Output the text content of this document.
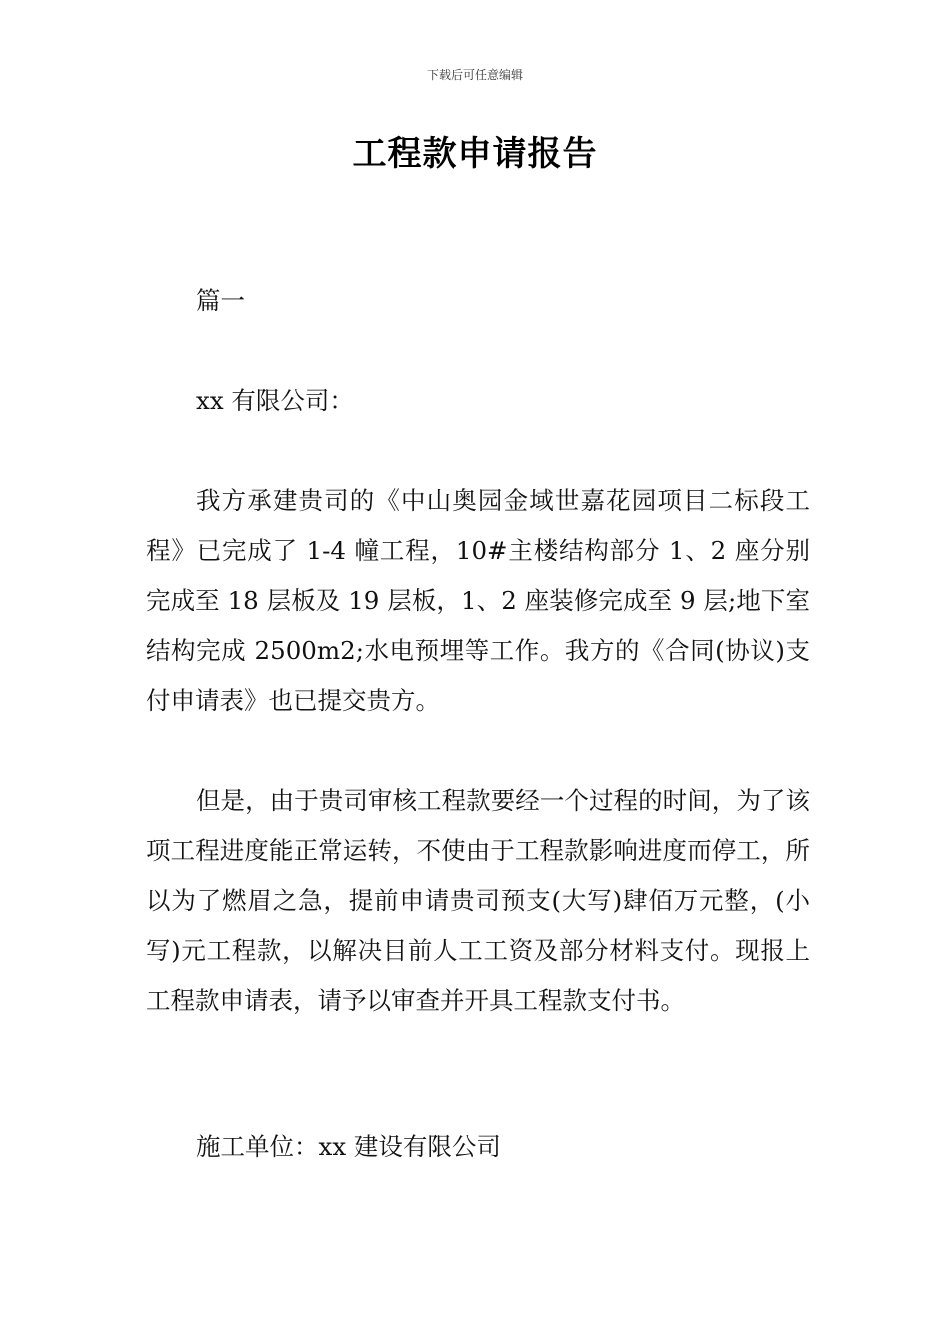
下载后可任意编辑
工程款申请报告
篇一
xx 有限公司：
我方承建贵司的《中山奥园金域世嘉花园项目二标段工程》已完成了 1-4 幢工程，10#主楼结构部分 1、2 座分别完成至 18 层板及 19 层板，1、2 座装修完成至 9 层;地下室结构完成 2500m2;水电预埋等工作。我方的《合同(协议)支付申请表》也已提交贵方。
但是，由于贵司审核工程款要经一个过程的时间，为了该项工程进度能正常运转，不使由于工程款影响进度而停工，所以为了燃眉之急，提前申请贵司预支(大写)肆佰万元整，(小写)元工程款，以解决目前人工工资及部分材料支付。现报上工程款申请表，请予以审查并开具工程款支付书。
施工单位：xx 建设有限公司
